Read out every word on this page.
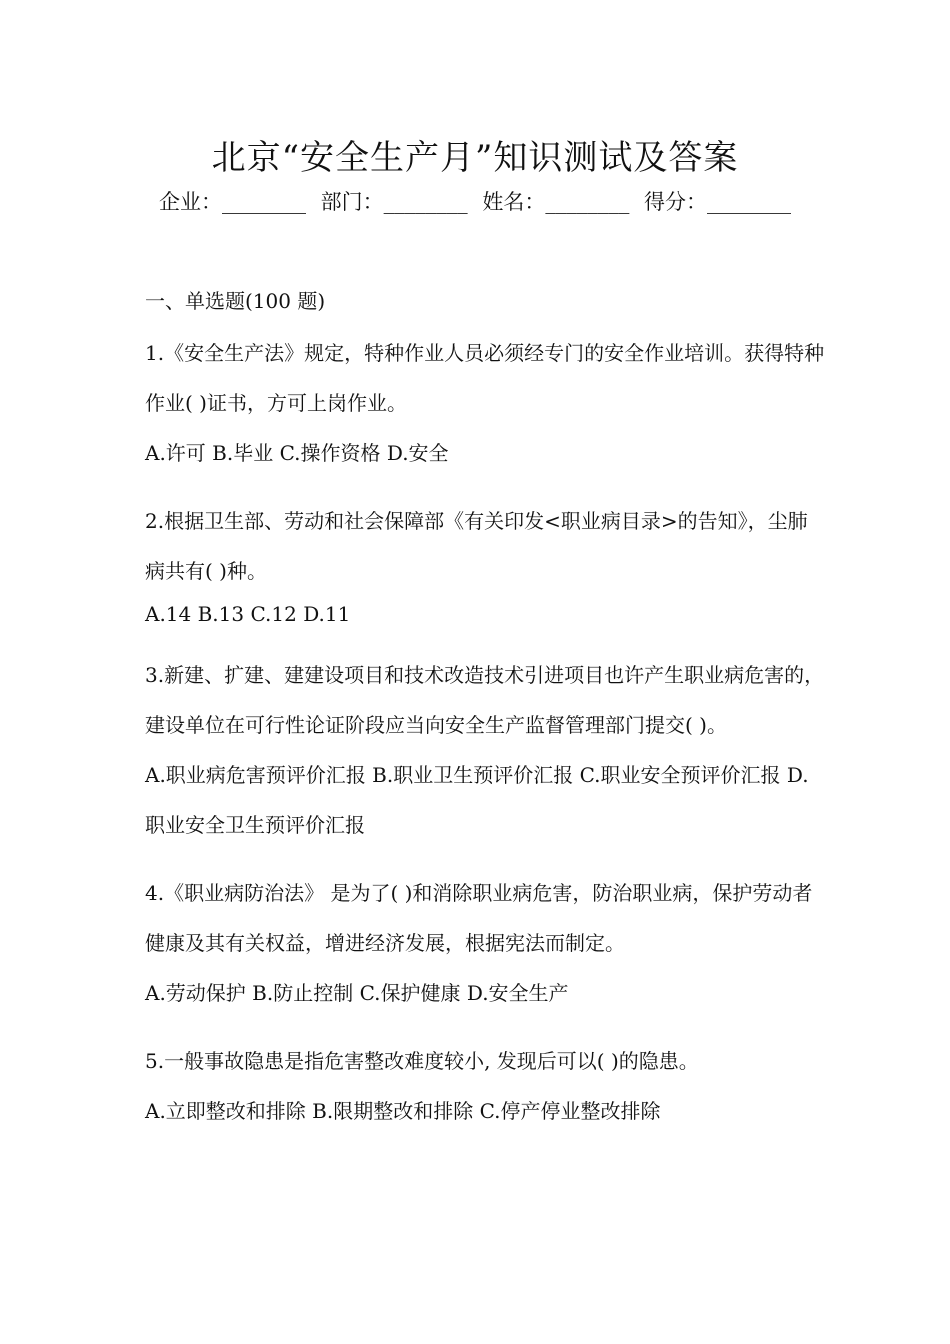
北京“安全生产月”知识测试及答案
企业：________ 部门：________ 姓名：________ 得分：________
一、单选题(100 题)
1.《安全生产法》规定，特种作业人员必须经专门的安全作业培训。获得特种作业( )证书，方可上岗作业。
A.许可 B.毕业 C.操作资格 D.安全
2.根据卫生部、劳动和社会保障部《有关印发<职业病目录>的告知》，尘肺病共有( )种。
A.14 B.13 C.12 D.11
3.新建、扩建、建建设项目和技术改造技术引进项目也许产生职业病危害的，建设单位在可行性论证阶段应当向安全生产监督管理部门提交( )。
A.职业病危害预评价汇报 B.职业卫生预评价汇报 C.职业安全预评价汇报 D.职业安全卫生预评价汇报
4.《职业病防治法》 是为了( )和消除职业病危害，防治职业病，保护劳动者健康及其有关权益，增进经济发展，根据宪法而制定。
A.劳动保护 B.防止控制 C.保护健康 D.安全生产
5.一般事故隐患是指危害整改难度较小, 发现后可以( )的隐患。
A.立即整改和排除 B.限期整改和排除 C.停产停业整改排除
